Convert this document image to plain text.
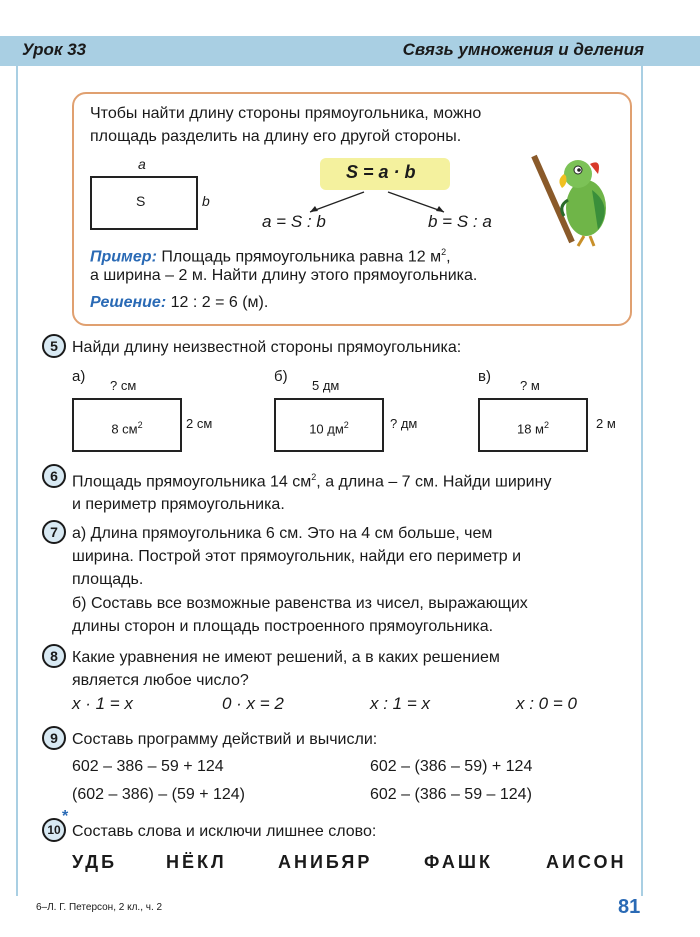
Урок 33	Связь умножения и деления
Чтобы найти длину стороны прямоугольника, можно
площадь разделить на длину его другой стороны.
a
S	b
S = a · b
a = S : b	b = S : a
Пример: Площадь прямоугольника равна 12 $м^2$,
а ширина – 2 м. Найти длину этого прямоугольника.
Решение: 12 : 2 = 6 (м).
5 Найди длину неизвестной стороны прямоугольника:
а)
? см
8 $см^2$	2 см
б)
5 дм
10 $дм^2$	? дм
в)
? м
18 $м^2$	2 м
6 Площадь прямоугольника 14 $см^2$, а длина – 7 см. Найди ширину
и периметр прямоугольника.
7 а) Длина прямоугольника 6 см. Это на 4 см больше, чем
ширина. Построй этот прямоугольник, найди его периметр и
площадь.
б) Составь все возможные равенства из чисел, выражающих
длины сторон и площадь построенного прямоугольника.
8 Какие уравнения не имеют решений, а в каких решением
является любое число?
x · 1 = x	0 · x = 2	x : 1 = x	x : 0 = 0
9 Составь программу действий и вычисли:
602 – 386 – 59 + 124	602 – (386 – 59) + 124
(602 – 386) – (59 + 124)	602 – (386 – 59 – 124)
10
*
Составь слова и исключи лишнее слово:
УДБ	НЁКЛ	АНИБЯР	ФАШК	АИСОН
6–Л. Г. Петерсон, 2 кл., ч. 2	81
